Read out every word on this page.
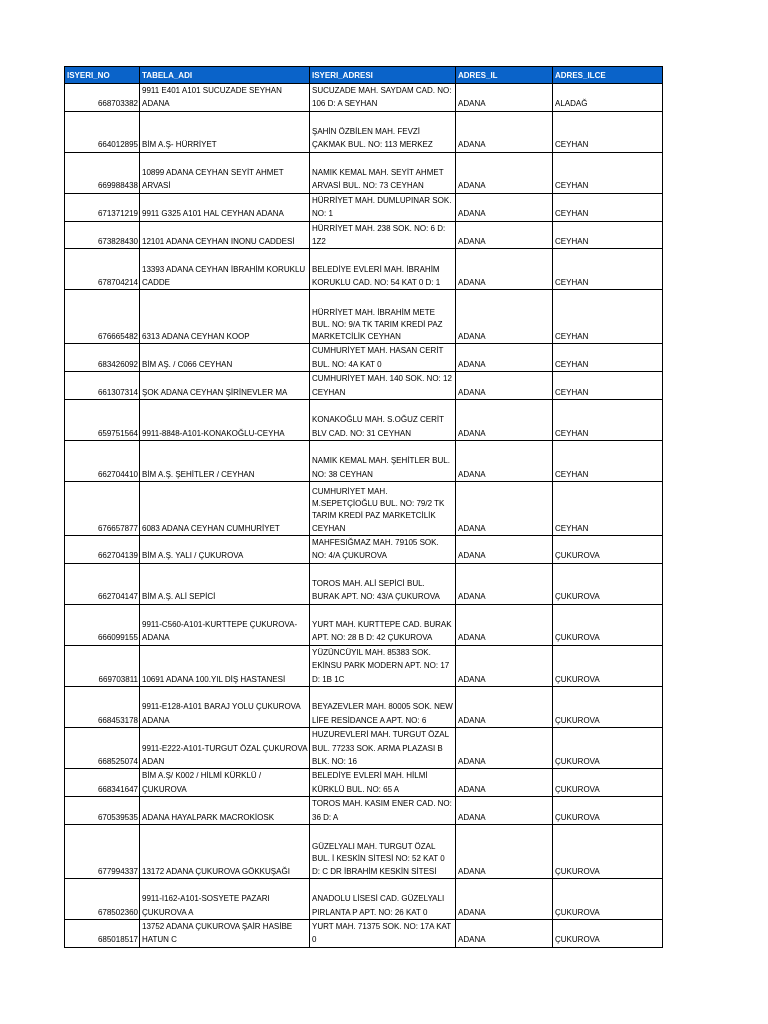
ISYERI_NO	TABELA_ADI	ISYERI_ADRESI	ADRES_IL	ADRES_ILCE
668703382	9911 E401 A101 SUCUZADE SEYHAN ADANA	SUCUZADE MAH. SAYDAM CAD. NO: 106 D: A SEYHAN	ADANA	ALADAĞ
664012895	BİM A.Ş- HÜRRİYET	ŞAHİN ÖZBİLEN MAH. FEVZİ ÇAKMAK BUL. NO: 113 MERKEZ	ADANA	CEYHAN
669988438	10899 ADANA CEYHAN SEYİT AHMET ARVASİ	NAMIK KEMAL MAH. SEYİT AHMET ARVASİ BUL. NO: 73 CEYHAN	ADANA	CEYHAN
671371219	9911 G325 A101 HAL CEYHAN ADANA	HÜRRİYET MAH. DUMLUPINAR SOK. NO: 1	ADANA	CEYHAN
673828430	12101 ADANA CEYHAN INONU CADDESİ	HÜRRİYET MAH. 238 SOK. NO: 6 D: 1Z2	ADANA	CEYHAN
678704214	13393 ADANA CEYHAN İBRAHİM KORUKLU CADDE	BELEDİYE EVLERİ MAH. İBRAHİM KORUKLU CAD. NO: 54 KAT 0 D: 1	ADANA	CEYHAN
676665482	6313 ADANA CEYHAN KOOP	HÜRRİYET MAH. İBRAHİM METE BUL. NO: 9/A TK TARIM KREDİ PAZ MARKETCİLİK CEYHAN	ADANA	CEYHAN
683426092	BİM AŞ. / C066 CEYHAN	CUMHURİYET MAH. HASAN CERİT BUL. NO: 4A KAT 0	ADANA	CEYHAN
661307314	ŞOK ADANA CEYHAN ŞİRİNEVLER MA	CUMHURİYET MAH. 140 SOK. NO: 12 CEYHAN	ADANA	CEYHAN
659751564	9911-8848-A101-KONAKOĞLU-CEYHA	KONAKOĞLU MAH. S.OĞUZ CERİT BLV CAD. NO: 31 CEYHAN	ADANA	CEYHAN
662704410	BİM A.Ş. ŞEHİTLER / CEYHAN	NAMIK KEMAL MAH. ŞEHİTLER BUL. NO: 38 CEYHAN	ADANA	CEYHAN
676657877	6083 ADANA CEYHAN CUMHURİYET	CUMHURİYET MAH. M.SEPETÇİOĞLU BUL. NO: 79/2 TK TARIM KREDİ PAZ MARKETCİLİK CEYHAN	ADANA	CEYHAN
662704139	BİM A.Ş. YALI / ÇUKUROVA	MAHFESIĞMAZ MAH. 79105 SOK. NO: 4/A ÇUKUROVA	ADANA	ÇUKUROVA
662704147	BİM A.Ş. ALİ SEPİCİ	TOROS MAH. ALİ SEPİCİ BUL. BURAK APT. NO: 43/A ÇUKUROVA	ADANA	ÇUKUROVA
666099155	9911-C560-A101-KURTTEPE ÇUKUROVA-ADANA	YURT MAH. KURTTEPE CAD. BURAK APT. NO: 28 B D: 42 ÇUKUROVA	ADANA	ÇUKUROVA
669703811	10691 ADANA 100.YIL DİŞ HASTANESİ	YÜZÜNCÜYIL MAH. 85383 SOK. EKİNSU PARK MODERN APT. NO: 17 D: 1B 1C	ADANA	ÇUKUROVA
668453178	9911-E128-A101 BARAJ YOLU ÇUKUROVA ADANA	BEYAZEVLER MAH. 80005 SOK. NEW LİFE RESİDANCE A APT. NO: 6	ADANA	ÇUKUROVA
668525074	9911-E222-A101-TURGUT ÖZAL ÇUKUROVA ADAN	HUZUREVLERİ MAH. TURGUT ÖZAL BUL. 77233 SOK. ARMA PLAZASI B BLK. NO: 16	ADANA	ÇUKUROVA
668341647	BİM A.Ş/ K002 / HİLMİ KÜRKLÜ / ÇUKUROVA	BELEDİYE EVLERİ MAH. HİLMİ KÜRKLÜ BUL. NO: 65 A	ADANA	ÇUKUROVA
670539535	ADANA HAYALPARK MACROKİOSK	TOROS MAH. KASIM ENER CAD. NO: 36 D: A	ADANA	ÇUKUROVA
677994337	13172 ADANA ÇUKUROVA GÖKKUŞAĞI	GÜZELYALI MAH. TURGUT ÖZAL BUL. İ KESKİN SİTESİ NO: 52 KAT 0 D: C DR İBRAHİM KESKİN SİTESİ	ADANA	ÇUKUROVA
678502360	9911-I162-A101-SOSYETE PAZARI ÇUKUROVA A	ANADOLU LİSESİ CAD. GÜZELYALI PIRLANTA P APT. NO: 26 KAT 0	ADANA	ÇUKUROVA
685018517	13752 ADANA ÇUKUROVA ŞAİR HASİBE HATUN C	YURT MAH. 71375 SOK. NO: 17A KAT 0	ADANA	ÇUKUROVA
